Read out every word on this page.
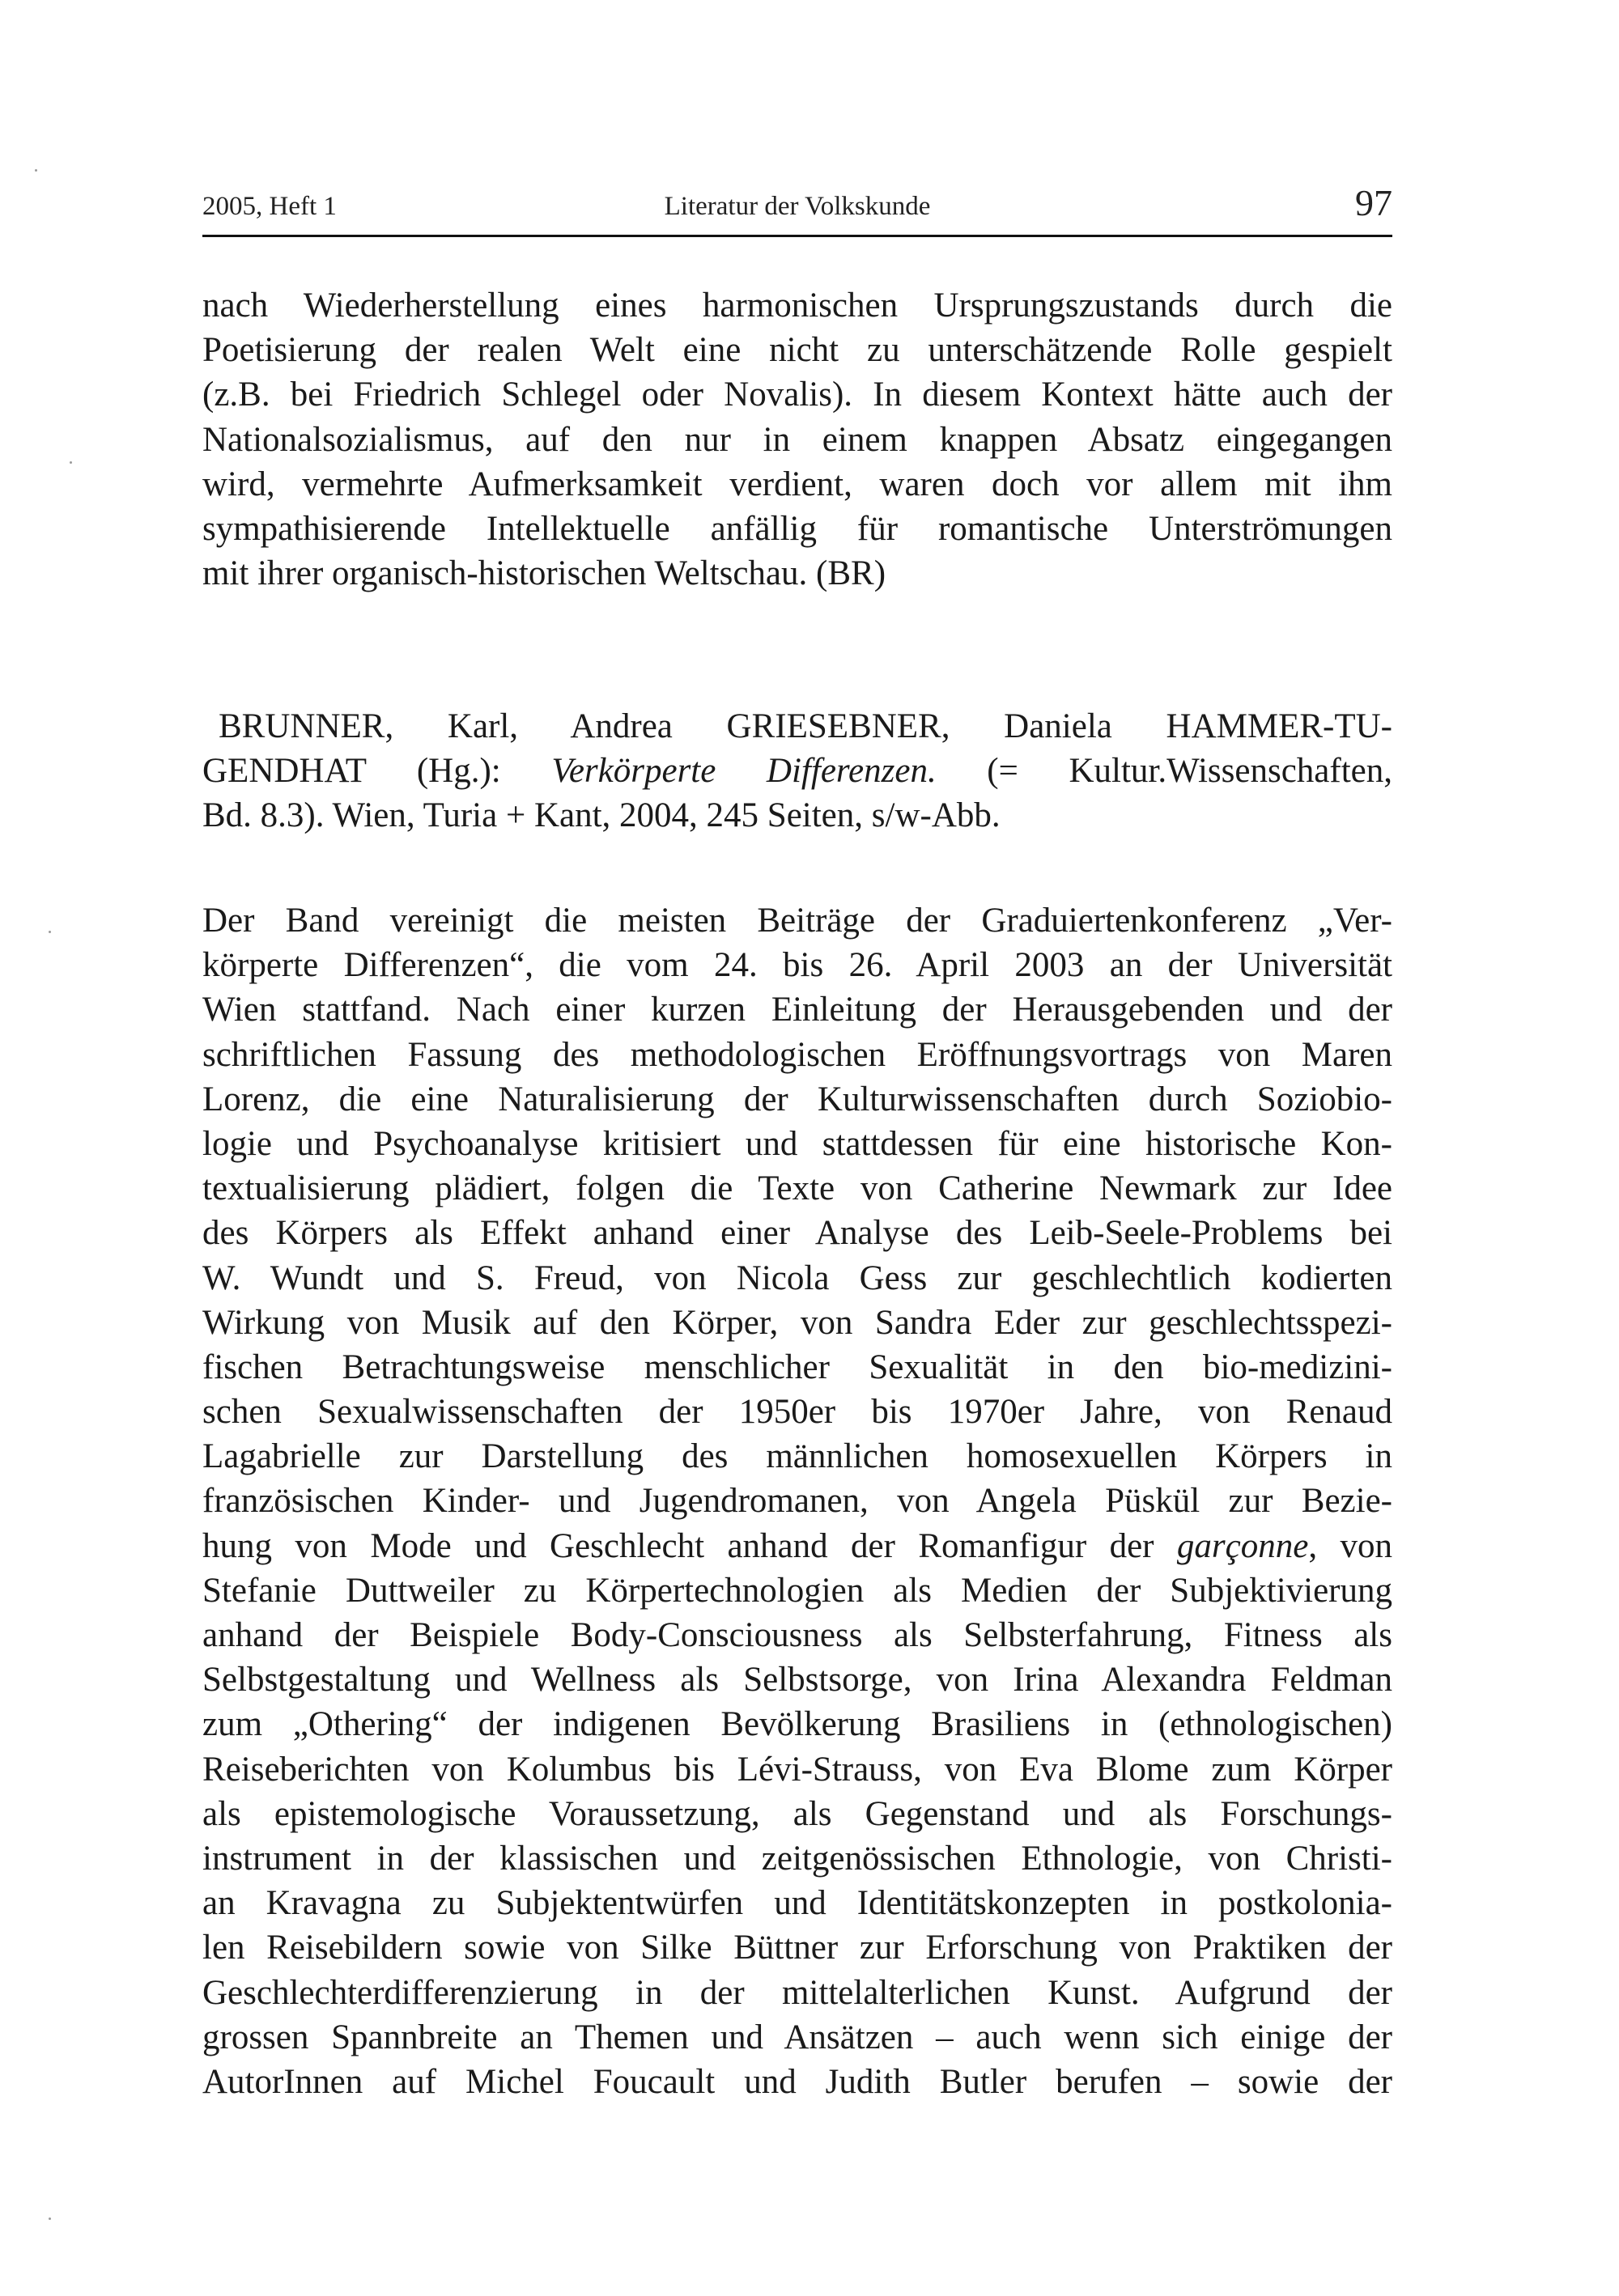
2005, Heft 1	Literatur der Volkskunde	97
nach Wiederherstellung eines harmonischen Ursprungszustands durch die
Poetisierung der realen Welt eine nicht zu unterschätzende Rolle gespielt
(z.B. bei Friedrich Schlegel oder Novalis). In diesem Kontext hätte auch der
Nationalsozialismus, auf den nur in einem knappen Absatz eingegangen
wird, vermehrte Aufmerksamkeit verdient, waren doch vor allem mit ihm
sympathisierende Intellektuelle anfällig für romantische Unterströmungen
mit ihrer organisch-historischen Weltschau. (BR)
BRUNNER, Karl, Andrea GRIESEBNER, Daniela HAMMER-TU-
GENDHAT (Hg.): Verkörperte Differenzen. (= Kultur.Wissenschaften,
Bd. 8.3). Wien, Turia + Kant, 2004, 245 Seiten, s/w-Abb.
Der Band vereinigt die meisten Beiträge der Graduiertenkonferenz „Ver-
körperte Differenzen“, die vom 24. bis 26. April 2003 an der Universität
Wien stattfand. Nach einer kurzen Einleitung der Herausgebenden und der
schriftlichen Fassung des methodologischen Eröffnungsvortrags von Maren
Lorenz, die eine Naturalisierung der Kulturwissenschaften durch Soziobio-
logie und Psychoanalyse kritisiert und stattdessen für eine historische Kon-
textualisierung plädiert, folgen die Texte von Catherine Newmark zur Idee
des Körpers als Effekt anhand einer Analyse des Leib-Seele-Problems bei
W. Wundt und S. Freud, von Nicola Gess zur geschlechtlich kodierten
Wirkung von Musik auf den Körper, von Sandra Eder zur geschlechtsspezi-
fischen Betrachtungsweise menschlicher Sexualität in den bio-medizini-
schen Sexualwissenschaften der 1950er bis 1970er Jahre, von Renaud
Lagabrielle zur Darstellung des männlichen homosexuellen Körpers in
französischen Kinder- und Jugendromanen, von Angela Püskül zur Bezie-
hung von Mode und Geschlecht anhand der Romanfigur der garçonne, von
Stefanie Duttweiler zu Körpertechnologien als Medien der Subjektivierung
anhand der Beispiele Body-Consciousness als Selbsterfahrung, Fitness als
Selbstgestaltung und Wellness als Selbstsorge, von Irina Alexandra Feldman
zum „Othering“ der indigenen Bevölkerung Brasiliens in (ethnologischen)
Reiseberichten von Kolumbus bis Lévi-Strauss, von Eva Blome zum Körper
als epistemologische Voraussetzung, als Gegenstand und als Forschungs-
instrument in der klassischen und zeitgenössischen Ethnologie, von Christi-
an Kravagna zu Subjektentwürfen und Identitätskonzepten in postkolonia-
len Reisebildern sowie von Silke Büttner zur Erforschung von Praktiken der
Geschlechterdifferenzierung in der mittelalterlichen Kunst. Aufgrund der
grossen Spannbreite an Themen und Ansätzen – auch wenn sich einige der
AutorInnen auf Michel Foucault und Judith Butler berufen – sowie der
